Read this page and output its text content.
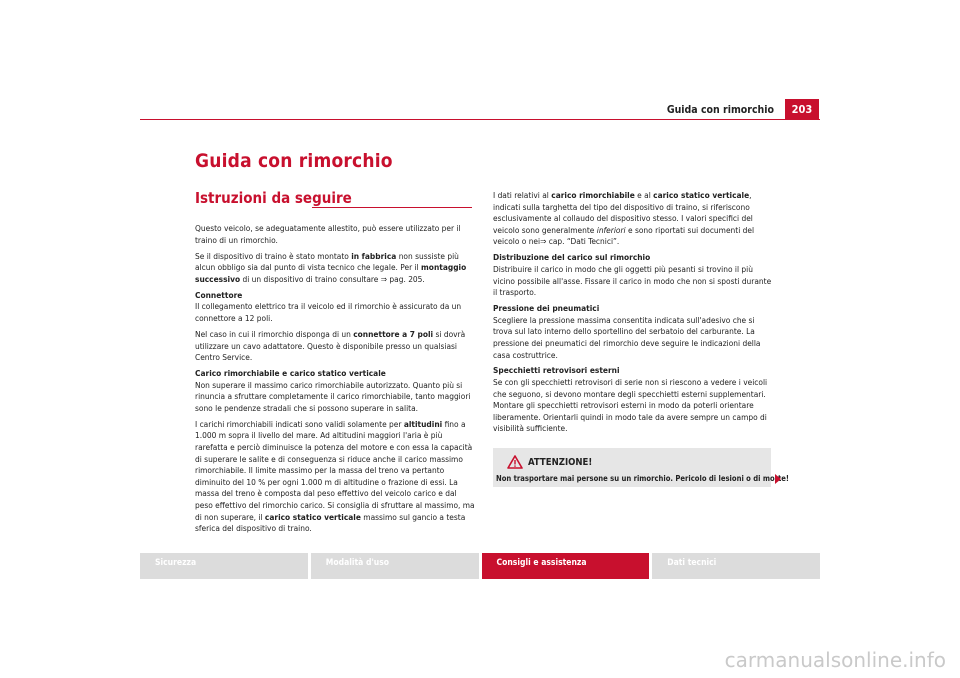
Guida con rimorchio	203
Guida con rimorchio
Istruzioni da seguire

Questo veicolo, se adeguatamente allestito, può essere utilizzato per il traino di un rimorchio.

Se il dispositivo di traino è stato montato in fabbrica non sussiste più alcun obbligo sia dal punto di vista tecnico che legale. Per il montaggio successivo di un dispositivo di traino consultare ⇒ pag. 205.

Connettore

Il collegamento elettrico tra il veicolo ed il rimorchio è assicurato da un connettore a 12 poli.

Nel caso in cui il rimorchio disponga di un connettore a 7 poli si dovrà utilizzare un cavo adattatore. Questo è disponibile presso un qualsiasi Centro Service.

Carico rimorchiabile e carico statico verticale

Non superare il massimo carico rimorchiabile autorizzato. Quanto più si rinuncia a sfruttare completamente il carico rimorchiabile, tanto maggiori sono le pendenze stradali che si possono superare in salita.

I carichi rimorchiabili indicati sono validi solamente per altitudini fino a 1.000 m sopra il livello del mare. Ad altitudini maggiori l'aria è più rarefatta e perciò diminuisce la potenza del motore e con essa la capacità di superare le salite e di conseguenza si riduce anche il carico massimo rimorchiabile. Il limite massimo per la massa del treno va pertanto diminuito del 10 % per ogni 1.000 m di altitudine o frazione di essi. La massa del treno è composta dal peso effettivo del veicolo carico e dal peso effettivo del rimorchio carico. Si consiglia di sfruttare al massimo, ma di non superare, il carico statico verticale massimo sul gancio a testa sferica del dispositivo di traino.

I dati relativi al carico rimorchiabile e al carico statico verticale, indicati sulla targhetta del tipo del dispositivo di traino, si riferiscono esclusivamente al collaudo del dispositivo stesso. I valori specifici del veicolo sono generalmente inferiori e sono riportati sui documenti del veicolo o nei⇒ cap. “Dati Tecnici”.

Distribuzione del carico sul rimorchio

Distribuire il carico in modo che gli oggetti più pesanti si trovino il più vicino possibile all'asse. Fissare il carico in modo che non si sposti durante il trasporto.

Pressione dei pneumatici

Scegliere la pressione massima consentita indicata sull'adesivo che si trova sul lato interno dello sportellino del serbatoio del carburante. La pressione dei pneumatici del rimorchio deve seguire le indicazioni della casa costruttrice.

Specchietti retrovisori esterni

Se con gli specchietti retrovisori di serie non si riescono a vedere i veicoli che seguono, si devono montare degli specchietti esterni supplementari.

Montare gli specchietti retrovisori esterni in modo da poterli orientare liberamente. Orientarli quindi in modo tale da avere sempre un campo di visibilità sufficiente.

ATTENZIONE!
Non trasportare mai persone su un rimorchio. Pericolo di lesioni o di morte!
Sicurezza	Modalità d'uso	Consigli e assistenza	Dati tecnici
carmanualsonline.info
